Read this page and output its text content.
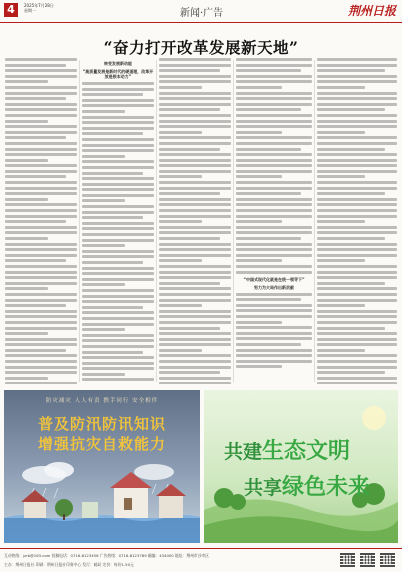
4	2025年7月28日
星期一	新闻·广告	荆州日报
“奋力打开改革发展新天地”
转变发展新动能
“高质量发展是新时代的硬道理，改革开放是根本动力”
“中国式现代化就是在统一领导下”
努力为大局作出新贡献
防灾减灾 人人有责 携手同行 安全相伴
普及防汛防讯知识
增强抗灾自救能力	共建生态文明
共享绿色未来
互动热线：jzrb@163.com 投稿电话：0716-8123456 广告热线：0716-8123789 邮编：434000 地址：荆州市沙市区
主办：荆州日报社 印刷：荆州日报社印务中心 发行：邮局 定价：每份1.50元
